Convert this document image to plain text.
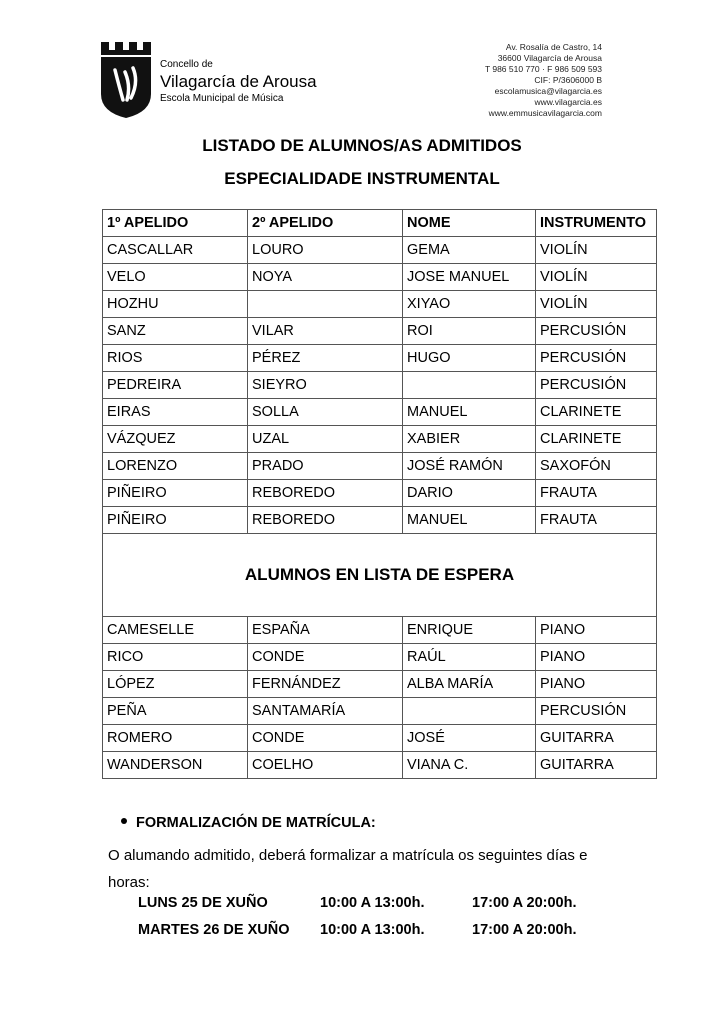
Concello de
Vilagarcía de Arousa
Escola Municipal de Música
Av. Rosalía de Castro, 14
36600 Vilagarcía de Arousa
T 986 510 770 · F 986 509 593
CIF: P/3606000 B
escolamusica@vilagarcia.es
www.vilagarcia.es
www.emmusicavilagarcia.com
LISTADO DE ALUMNOS/AS ADMITIDOS
ESPECIALIDADE INSTRUMENTAL
1º APELIDO	2º APELIDO	NOME	INSTRUMENTO
CASCALLAR	LOURO	GEMA	VIOLÍN
VELO	NOYA	JOSE MANUEL	VIOLÍN
HOZHU		XIYAO	VIOLÍN
SANZ	VILAR	ROI	PERCUSIÓN
RIOS	PÉREZ	HUGO	PERCUSIÓN
PEDREIRA	SIEYRO		PERCUSIÓN
EIRAS	SOLLA	MANUEL	CLARINETE
VÁZQUEZ	UZAL	XABIER	CLARINETE
LORENZO	PRADO	JOSÉ RAMÓN	SAXOFÓN
PIÑEIRO	REBOREDO	DARIO	FRAUTA
PIÑEIRO	REBOREDO	MANUEL	FRAUTA
ALUMNOS EN LISTA DE ESPERA			
CAMESELLE	ESPAÑA	ENRIQUE	PIANO
RICO	CONDE	RAÚL	PIANO
LÓPEZ	FERNÁNDEZ	ALBA MARÍA	PIANO
PEÑA	SANTAMARÍA		PERCUSIÓN
ROMERO	CONDE	JOSÉ	GUITARRA
WANDERSON	COELHO	VIANA C.	GUITARRA
FORMALIZACIÓN DE MATRÍCULA:
O alumando admitido, deberá formalizar a matrícula os seguintes días e horas:
LUNS 25 DE XUÑO	10:00 A 13:00h.	17:00 A 20:00h.
MARTES 26 DE XUÑO 10:00 A 13:00h.	17:00 A 20:00h.
